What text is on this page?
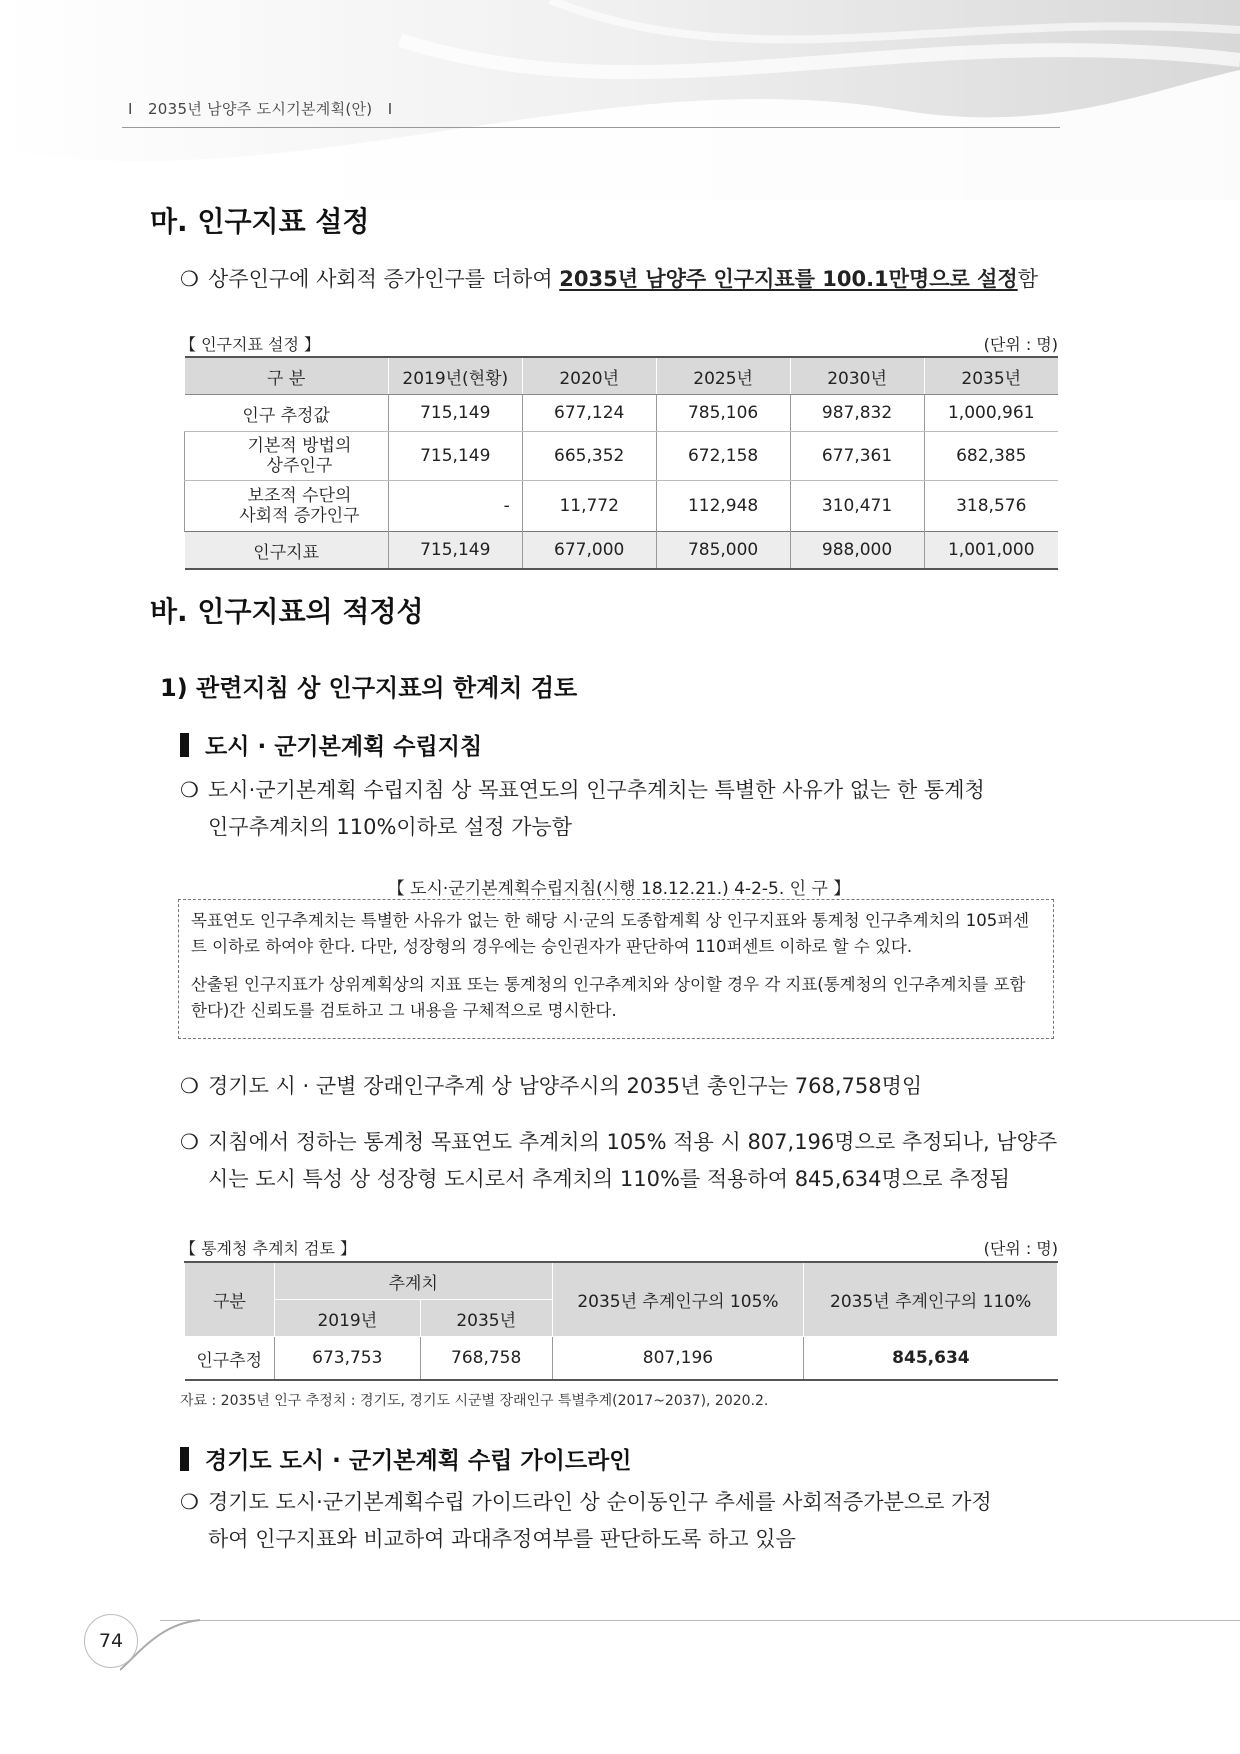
I 2035년 남양주 도시기본계획(안) I
마. 인구지표 설정
❍ 상주인구에 사회적 증가인구를 더하여 2035년 남양주 인구지표를 100.1만명으로 설정함
【 인구지표 설정 】	(단위 : 명)
구 분	2019년(현황)	2020년	2025년	2030년	2035년
인구 추정값	715,149	677,124	785,106	987,832	1,000,961

기본적 방법의
상주인구	715,149	665,352	672,158	677,361	682,385

보조적 수단의
사회적 증가인구	-	11,772	112,948	310,471	318,576
인구지표	715,149	677,000	785,000	988,000	1,001,000
바. 인구지표의 적정성
1) 관련지침 상 인구지표의 한계치 검토
도시 · 군기본계획 수립지침
❍ 도시·군기본계획 수립지침 상 목표연도의 인구추계치는 특별한 사유가 없는 한 통계청
인구추계치의 110%이하로 설정 가능함
【 도시·군기본계획수립지침(시행 18.12.21.) 4-2-5. 인 구 】

목표연도 인구추계치는 특별한 사유가 없는 한 해당 시·군의 도종합계획 상 인구지표와 통계청 인구추계치의 105퍼센트 이하로 하여야 한다. 다만, 성장형의 경우에는 승인권자가 판단하여 110퍼센트 이하로 할 수 있다.

산출된 인구지표가 상위계획상의 지표 또는 통계청의 인구추계치와 상이할 경우 각 지표(통계청의 인구추계치를 포함한다)간 신뢰도를 검토하고 그 내용을 구체적으로 명시한다.

❍ 경기도 시 · 군별 장래인구추계 상 남양주시의 2035년 총인구는 768,758명임
❍ 지침에서 정하는 통계청 목표연도 추계치의 105% 적용 시 807,196명으로 추정되나, 남양주
시는 도시 특성 상 성장형 도시로서 추계치의 110%를 적용하여 845,634명으로 추정됨
【 통계청 추계치 검토 】	(단위 : 명)
구분	추계치		2035년 추계인구의 105%	2035년 추계인구의 110%
	2019년	2035년		
인구추정	673,753	768,758	807,196	845,634
자료 : 2035년 인구 추정치 : 경기도, 경기도 시군별 장래인구 특별추계(2017~2037), 2020.2.
경기도 도시 · 군기본계획 수립 가이드라인
❍ 경기도 도시·군기본계획수립 가이드라인 상 순이동인구 추세를 사회적증가분으로 가정
하여 인구지표와 비교하여 과대추정여부를 판단하도록 하고 있음
74
